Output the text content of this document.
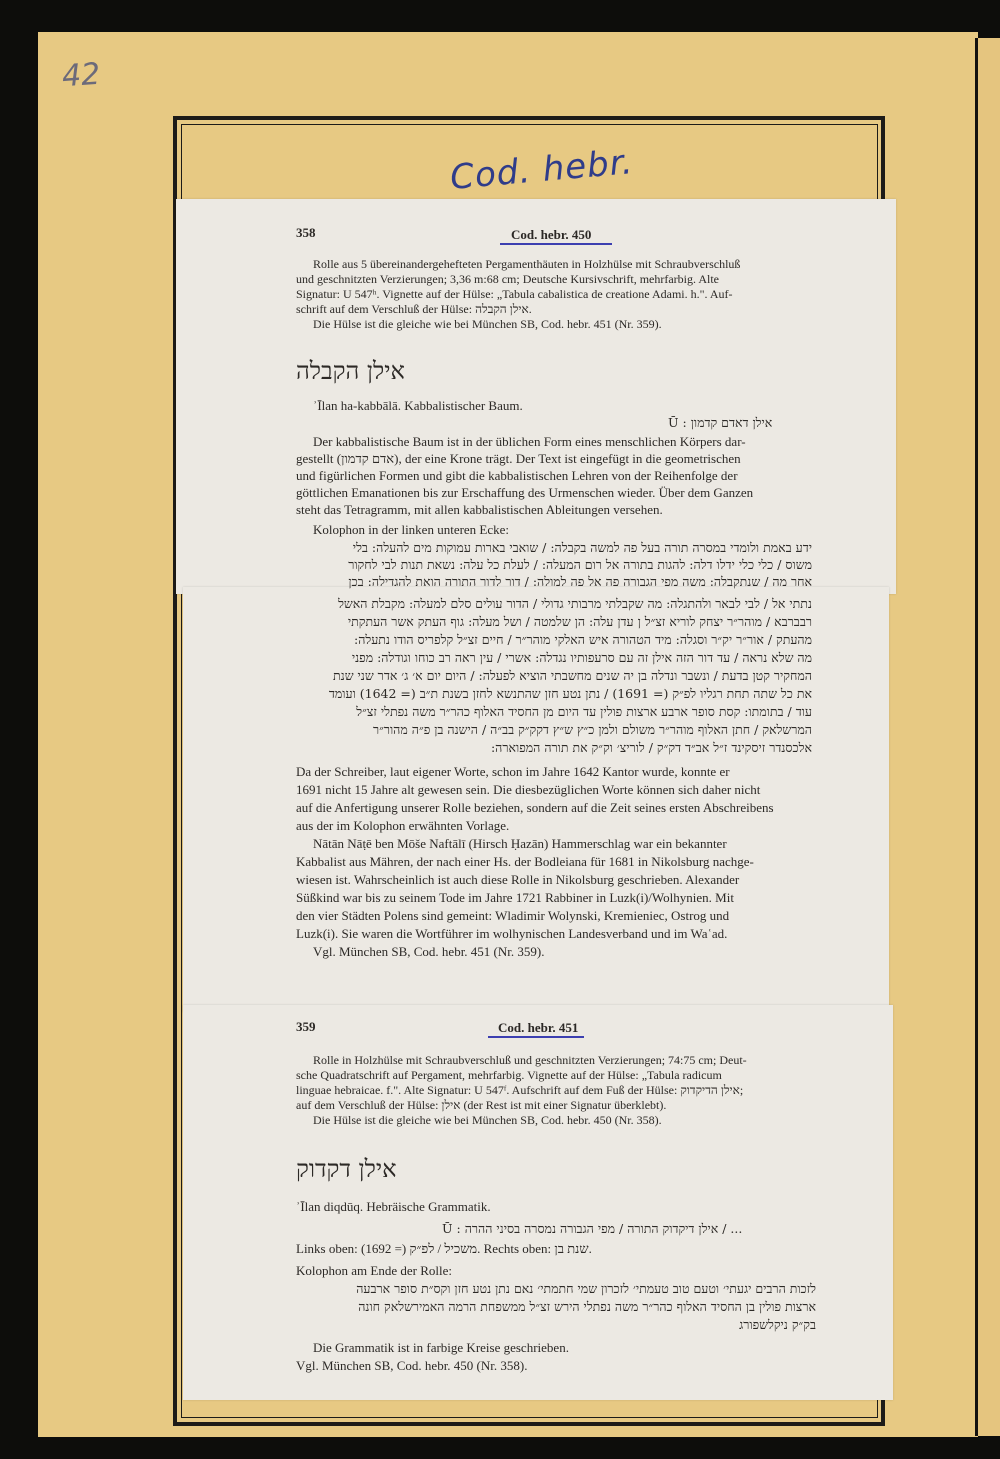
42
Cod. hebr.
358	Cod. hebr. 450
Rolle aus 5 übereinandergehefteten Pergamenthäuten in Holzhülse mit Schraubverschluß
und geschnitzten Verzierungen; 3,36 m:68 cm; Deutsche Kursivschrift, mehrfarbig. Alte
Signatur: U 547ʰ. Vignette auf der Hülse: „Tabula cabalistica de creatione Adami. h.". Auf-
schrift auf dem Verschluß der Hülse: אילן הקבלה.
Die Hülse ist die gleiche wie bei München SB, Cod. hebr. 451 (Nr. 359).
אילן הקבלה
ʾĪlan ha-kabbālā. Kabbalistischer Baum.
Ū : אילן דאדם קדמון
Der kabbalistische Baum ist in der üblichen Form eines menschlichen Körpers dar-
gestellt (אדם קדמון), der eine Krone trägt. Der Text ist eingefügt in die geometrischen
und figürlichen Formen und gibt die kabbalistischen Lehren von der Reihenfolge der
göttlichen Emanationen bis zur Erschaffung des Urmenschen wieder. Über dem Ganzen
steht das Tetragramm, mit allen kabbalistischen Ableitungen versehen.
Kolophon in der linken unteren Ecke:
ידע באמת ולומדי במסרה תורה בעל פה למשה בקבלה: / שואבי בארות עמוקות מים להעלה: בלי
משוס / כלי כלי ידלו דלה: להגות בתורה אל רום המעלה: / לעלת כל עלה: נשאת תנות לבי לחקור
אחר מה / שנתקבלה: משה מפי הגבורה פה אל פה למולה: / דור לדור התורה הואת להגדילה: בכן
נתתי אל / לבי לבאר ולהתגלה: מה שקבלתי מרבותי גדולי / הדור עולים סלם למעלה: מקבלת האשל
רבברבא / מוהר״ר יצחק לוריא זצ״ל ן עדן עלה: הן שלמטה / ושל מעלה: גוף העתק אשר העתקתי
מהעתק / אור״ר יק״ר וסגלה: מיד הטהורה איש האלקי מוהר״ר / חיים זצ״ל קלפריס הודו נתעלה:
מה שלא נראה / עד דור הזה אילן זה עם סרעפותיו נגדלה: אשרי / עין ראה רב כוחו וגודלה: מפני
המחקיר קטן בדעת / ונשבר ונדלה בן יה שנים מחשבתי הוציא לפעלה: / היום יום א׳ ג׳ אדר שני שנת
את כל שתה תחת רגליו לפ״ק (= 1691) / נתן נטע חזן שהתנשא לחזן בשנת ת״ב (= 1642) ועומד
עוד / בתומתו: קסת סופר ארבע ארצות פולין עד היום מן החסיד האלוף כהר״ר משה נפתלי זצ״ל
המרשלאק / חתן האלוף מוהר״ר משולם ולמן כ״ץ ש״ץ דקק״ק בב״ה / הישנה בן פ״ה מהור״ר
אלכסנדר זיסקינד ז״ל אב״ד דק״ק / לוריצ׳ וק״ק את תורה המפוארה:
Da der Schreiber, laut eigener Worte, schon im Jahre 1642 Kantor wurde, konnte er
1691 nicht 15 Jahre alt gewesen sein. Die diesbezüglichen Worte können sich daher nicht
auf die Anfertigung unserer Rolle beziehen, sondern auf die Zeit seines ersten Abschreibens
aus der im Kolophon erwähnten Vorlage.
Nātān Nāṭē ben Mōše Naftālī (Hirsch Ḥazān) Hammerschlag war ein bekannter
Kabbalist aus Mähren, der nach einer Hs. der Bodleiana für 1681 in Nikolsburg nachge-
wiesen ist. Wahrscheinlich ist auch diese Rolle in Nikolsburg geschrieben. Alexander
Süßkind war bis zu seinem Tode im Jahre 1721 Rabbiner in Luzk(i)/Wolhynien. Mit
den vier Städten Polens sind gemeint: Wladimir Wolynski, Kremieniec, Ostrog und
Luzk(i). Sie waren die Wortführer im wolhynischen Landesverband und im Waʿad.
Vgl. München SB, Cod. hebr. 451 (Nr. 359).
359	Cod. hebr. 451
Rolle in Holzhülse mit Schraubverschluß und geschnitzten Verzierungen; 74:75 cm; Deut-
sche Quadratschrift auf Pergament, mehrfarbig. Vignette auf der Hülse: „Tabula radicum
linguae hebraicae. f.". Alte Signatur: U 547ᶠ. Aufschrift auf dem Fuß der Hülse: אילן הדיקדוק;
auf dem Verschluß der Hülse: אילן (der Rest ist mit einer Signatur überklebt).
Die Hülse ist die gleiche wie bei München SB, Cod. hebr. 450 (Nr. 358).
אילן דקדוק
ʾĪlan diqdūq. Hebräische Grammatik.
Ū : אילן דיקדוק התורה / מפי הגבורה נמסרה בסיני ההרה / ...
Links oben: (1692 =) משכיל / לפ״ק. Rechts oben: שנת בן.
Kolophon am Ende der Rolle:
לזכות הרבים יגעתי׳ וטעם טוב טעמתי׳ לזכרון שמי חתמתי׳ נאם נתן נטע חזן וקס״ת סופר ארבעה
ארצות פולין בן החסיד האלוף כהר״ר משה נפתלי הירש זצ״ל ממשפחת הרמה האמירשלאק חונה
בק״ק ניקלשפורג
Die Grammatik ist in farbige Kreise geschrieben.
Vgl. München SB, Cod. hebr. 450 (Nr. 358).
